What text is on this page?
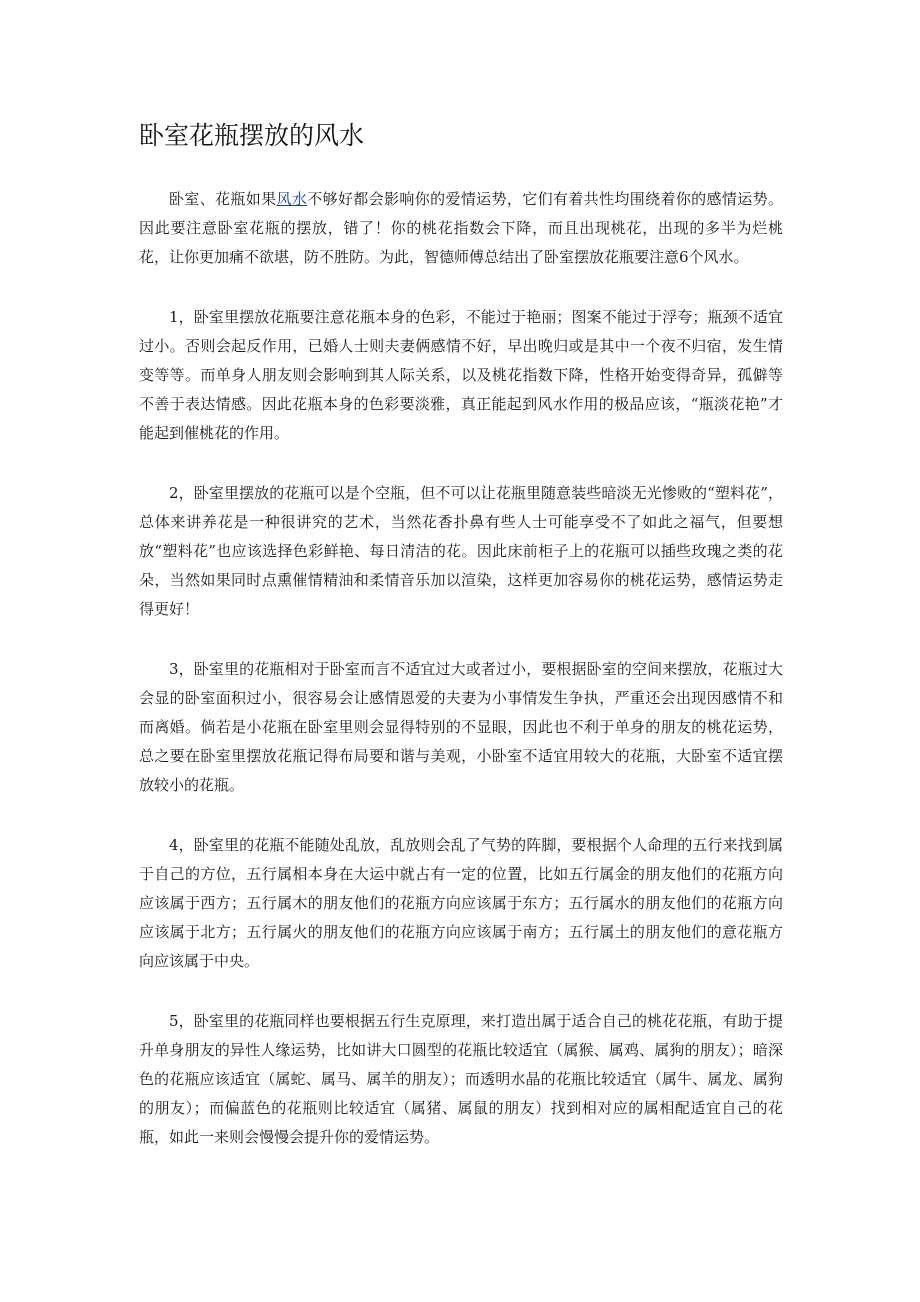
卧室花瓶摆放的风水

卧室、花瓶如果风水不够好都会影响你的爱情运势，它们有着共性均围绕着你的感情运势。因此要注意卧室花瓶的摆放，错了！你的桃花指数会下降，而且出现桃花，出现的多半为烂桃花，让你更加痛不欲堪，防不胜防。为此，智德师傅总结出了卧室摆放花瓶要注意6个风水。

1，卧室里摆放花瓶要注意花瓶本身的色彩，不能过于艳丽；图案不能过于浮夸；瓶颈不适宜过小。否则会起反作用，已婚人士则夫妻俩感情不好，早出晚归或是其中一个夜不归宿，发生情变等等。而单身人朋友则会影响到其人际关系，以及桃花指数下降，性格开始变得奇异，孤僻等不善于表达情感。因此花瓶本身的色彩要淡雅，真正能起到风水作用的极品应该，“瓶淡花艳”才能起到催桃花的作用。

2，卧室里摆放的花瓶可以是个空瓶，但不可以让花瓶里随意装些暗淡无光惨败的“塑料花”，总体来讲养花是一种很讲究的艺术，当然花香扑鼻有些人士可能享受不了如此之福气，但要想放“塑料花”也应该选择色彩鲜艳、每日清洁的花。因此床前柜子上的花瓶可以插些玫瑰之类的花朵，当然如果同时点熏催情精油和柔情音乐加以渲染，这样更加容易你的桃花运势，感情运势走得更好！

3，卧室里的花瓶相对于卧室而言不适宜过大或者过小，要根据卧室的空间来摆放，花瓶过大会显的卧室面积过小，很容易会让感情恩爱的夫妻为小事情发生争执，严重还会出现因感情不和而离婚。倘若是小花瓶在卧室里则会显得特别的不显眼，因此也不利于单身的朋友的桃花运势，总之要在卧室里摆放花瓶记得布局要和谐与美观，小卧室不适宜用较大的花瓶，大卧室不适宜摆放较小的花瓶。

4，卧室里的花瓶不能随处乱放，乱放则会乱了气势的阵脚，要根据个人命理的五行来找到属于自己的方位，五行属相本身在大运中就占有一定的位置，比如五行属金的朋友他们的花瓶方向应该属于西方；五行属木的朋友他们的花瓶方向应该属于东方；五行属水的朋友他们的花瓶方向应该属于北方；五行属火的朋友他们的花瓶方向应该属于南方；五行属土的朋友他们的意花瓶方向应该属于中央。

5，卧室里的花瓶同样也要根据五行生克原理，来打造出属于适合自己的桃花花瓶，有助于提升单身朋友的异性人缘运势，比如讲大口圆型的花瓶比较适宜（属猴、属鸡、属狗的朋友）；暗深色的花瓶应该适宜（属蛇、属马、属羊的朋友）；而透明水晶的花瓶比较适宜（属牛、属龙、属狗的朋友）；而偏蓝色的花瓶则比较适宜（属猪、属鼠的朋友）找到相对应的属相配适宜自己的花瓶，如此一来则会慢慢会提升你的爱情运势。
